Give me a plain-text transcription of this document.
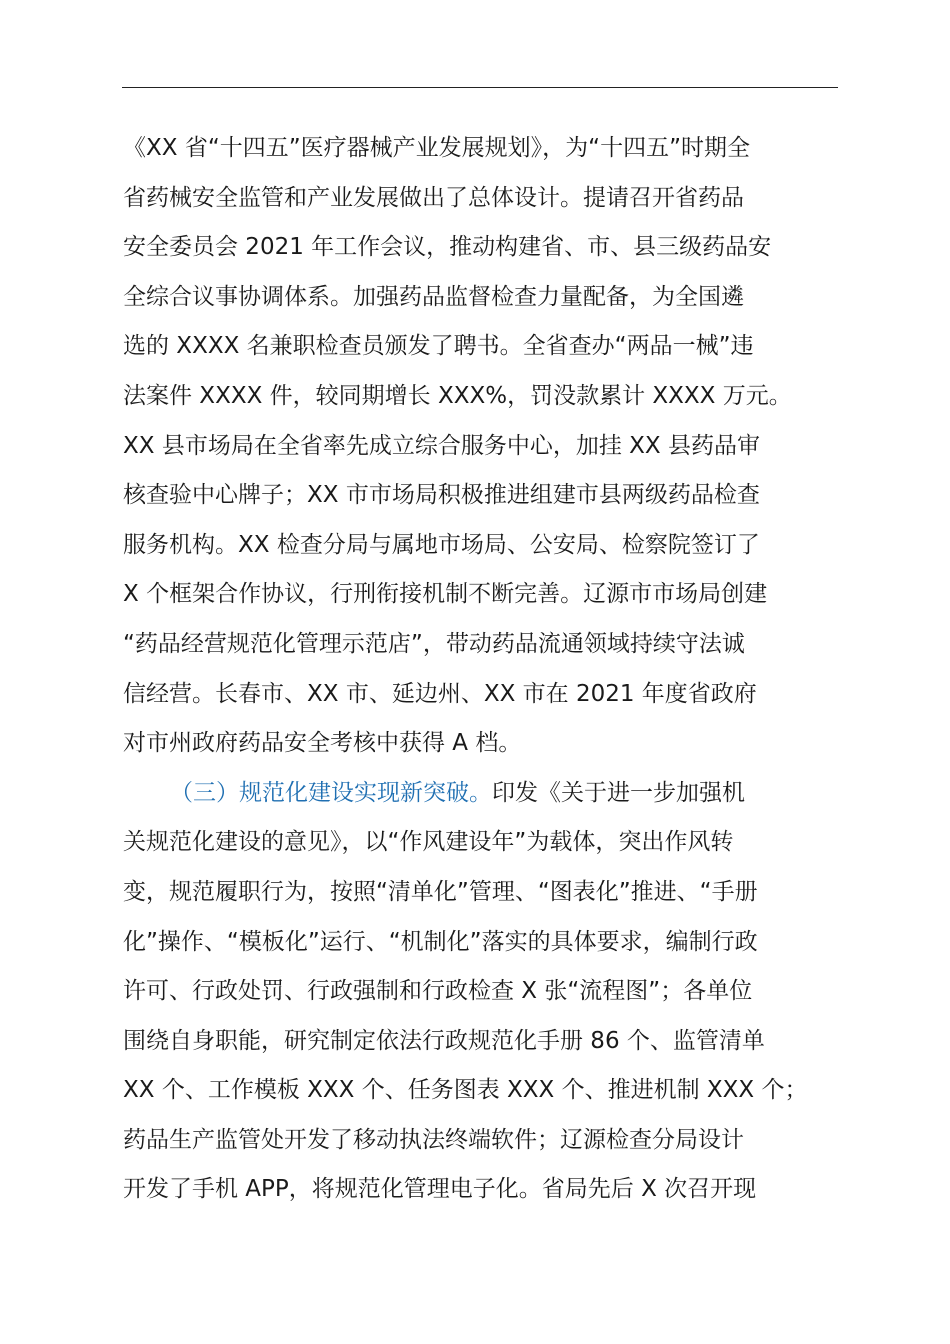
《XX 省“十四五”医疗器械产业发展规划》，为“十四五”时期全
省药械安全监管和产业发展做出了总体设计。提请召开省药品
安全委员会 2021 年工作会议，推动构建省、市、县三级药品安
全综合议事协调体系。加强药品监督检查力量配备，为全国遴
选的 XXXX 名兼职检查员颁发了聘书。全省查办“两品一械”违
法案件 XXXX 件，较同期增长 XXX%，罚没款累计 XXXX 万元。
XX 县市场局在全省率先成立综合服务中心，加挂 XX 县药品审
核查验中心牌子；XX 市市场局积极推进组建市县两级药品检查
服务机构。XX 检查分局与属地市场局、公安局、检察院签订了
X 个框架合作协议，行刑衔接机制不断完善。辽源市市场局创建
“药品经营规范化管理示范店”，带动药品流通领域持续守法诚
信经营。长春市、XX 市、延边州、XX 市在 2021 年度省政府
对市州政府药品安全考核中获得 A 档。
（三）规范化建设实现新突破。印发《关于进一步加强机
关规范化建设的意见》，以“作风建设年”为载体，突出作风转
变，规范履职行为，按照“清单化”管理、“图表化”推进、“手册
化”操作、“模板化”运行、“机制化”落实的具体要求，编制行政
许可、行政处罚、行政强制和行政检查 X 张“流程图”；各单位
围绕自身职能，研究制定依法行政规范化手册 86 个、监管清单
XX 个、工作模板 XXX 个、任务图表 XXX 个、推进机制 XXX 个；
药品生产监管处开发了移动执法终端软件；辽源检查分局设计
开发了手机 APP，将规范化管理电子化。省局先后 X 次召开现
